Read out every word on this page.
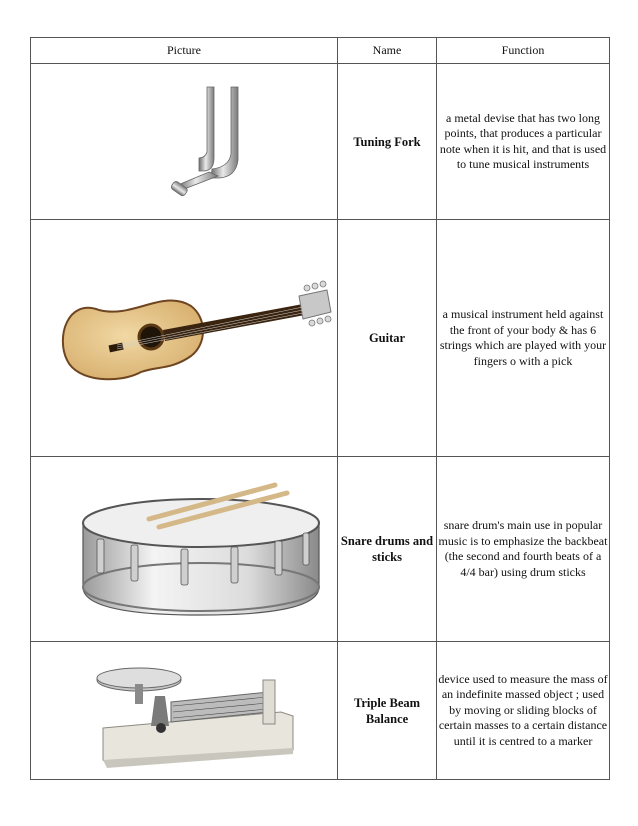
Picture	Name	Function

	Tuning Fork	a metal devise that has two long points, that produces a particular note when it is hit, and that is used to tune musical instruments

	Guitar	a musical instrument held against the front of your body & has 6 strings which are played with your fingers o with a pick

	Snare drums and sticks	snare drum's main use in popular music is to emphasize the backbeat (the second and fourth beats of a 4/4 bar) using drum sticks

	Triple Beam Balance	device used to measure the mass of an indefinite massed object ; used by moving or sliding blocks of certain masses to a certain distance until it is centred to a marker
